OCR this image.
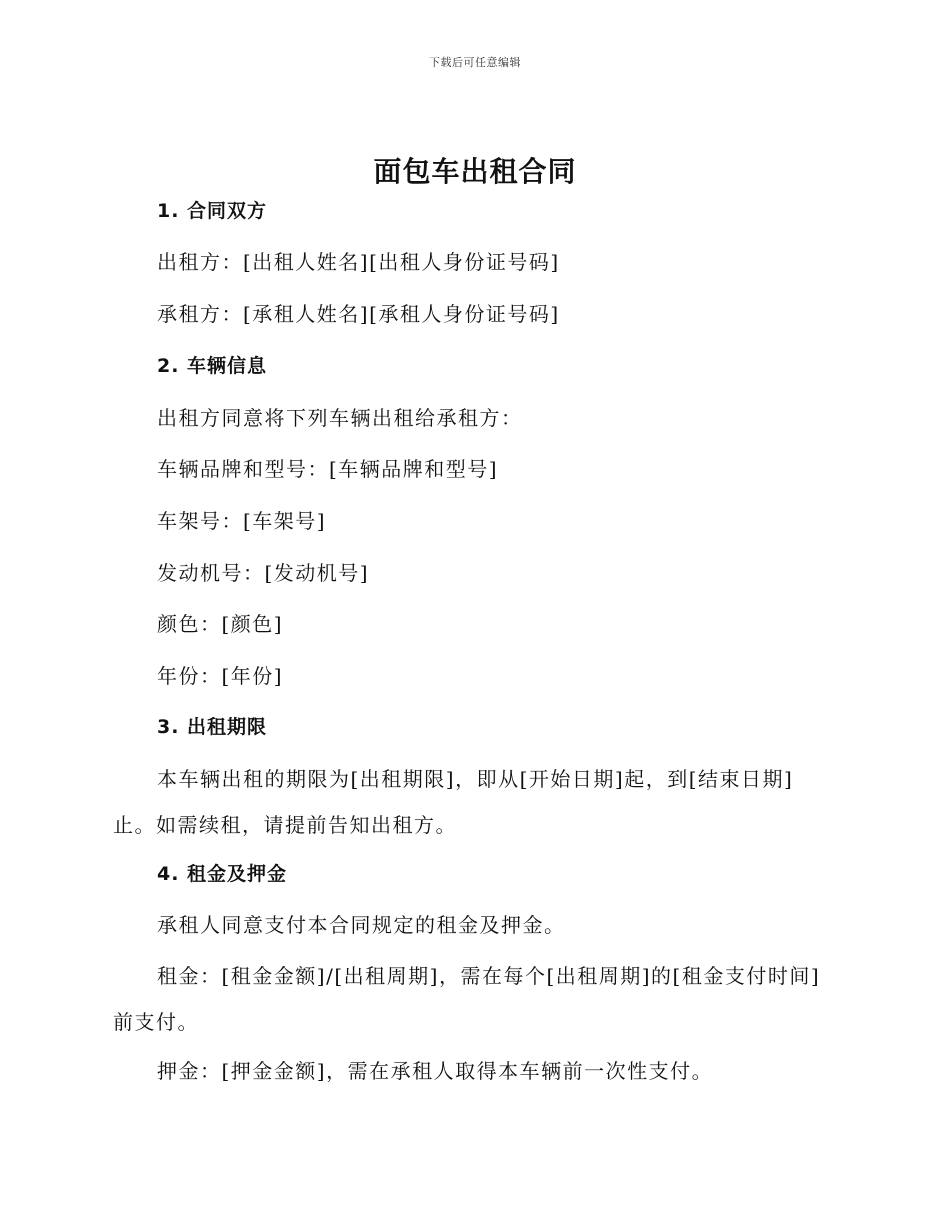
下载后可任意编辑
面包车出租合同
1. 合同双方
出租方：[出租人姓名][出租人身份证号码]
承租方：[承租人姓名][承租人身份证号码]
2. 车辆信息
出租方同意将下列车辆出租给承租方：
车辆品牌和型号：[车辆品牌和型号]
车架号：[车架号]
发动机号：[发动机号]
颜色：[颜色]
年份：[年份]
3. 出租期限

本车辆出租的期限为[出租期限]，即从[开始日期]起，到[结束日期]止。如需续租，请提前告知出租方。

4. 租金及押金
承租人同意支付本合同规定的租金及押金。

租金：[租金金额]/[出租周期]，需在每个[出租周期]的[租金支付时间]前支付。

押金：[押金金额]，需在承租人取得本车辆前一次性支付。
